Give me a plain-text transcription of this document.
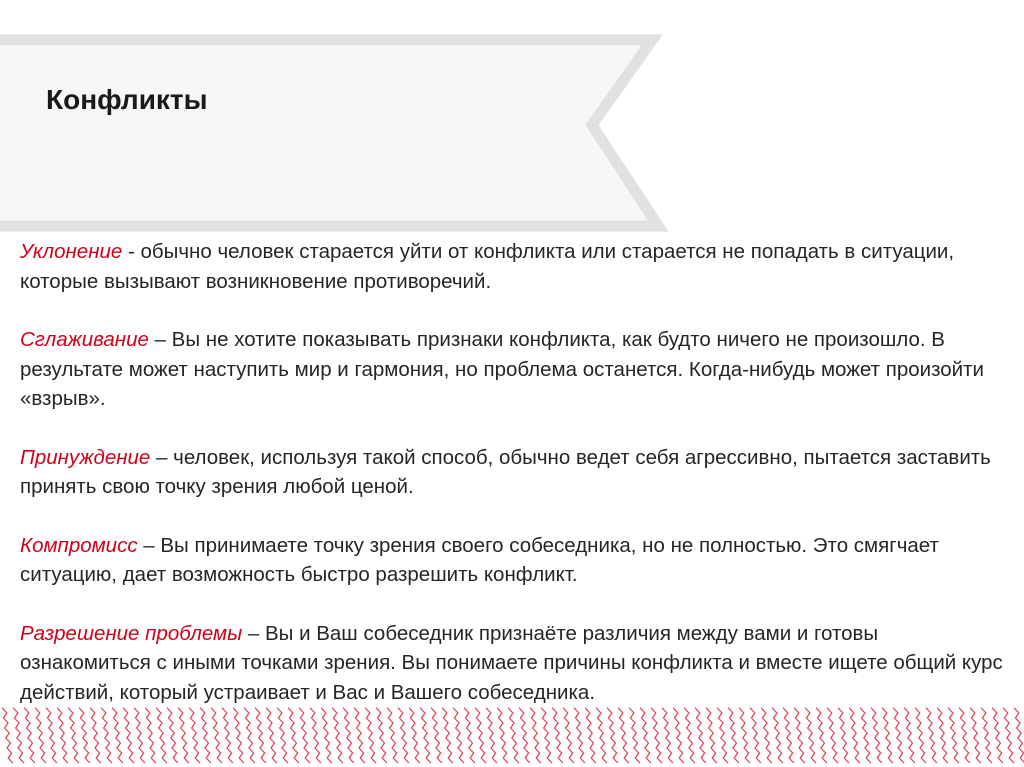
Конфликты

Уклонение - обычно человек старается уйти от конфликта или старается не попадать в ситуации, которые вызывают возникновение противоречий.

Сглаживание – Вы не хотите показывать признаки конфликта, как будто ничего не произошло. В результате может наступить мир и гармония, но проблема останется. Когда-нибудь может произойти «взрыв».

Принуждение – человек, используя такой способ, обычно ведет себя агрессивно, пытается заставить принять свою точку зрения любой ценой.

Компромисс – Вы принимаете точку зрения своего собеседника, но не полностью. Это смягчает ситуацию, дает возможность быстро разрешить конфликт.

Разрешение проблемы – Вы и Ваш собеседник признаёте различия между вами и готовы ознакомиться с иными точками зрения. Вы понимаете причины конфликта и вместе ищете общий курс действий, который устраивает и Вас и Вашего собеседника.
